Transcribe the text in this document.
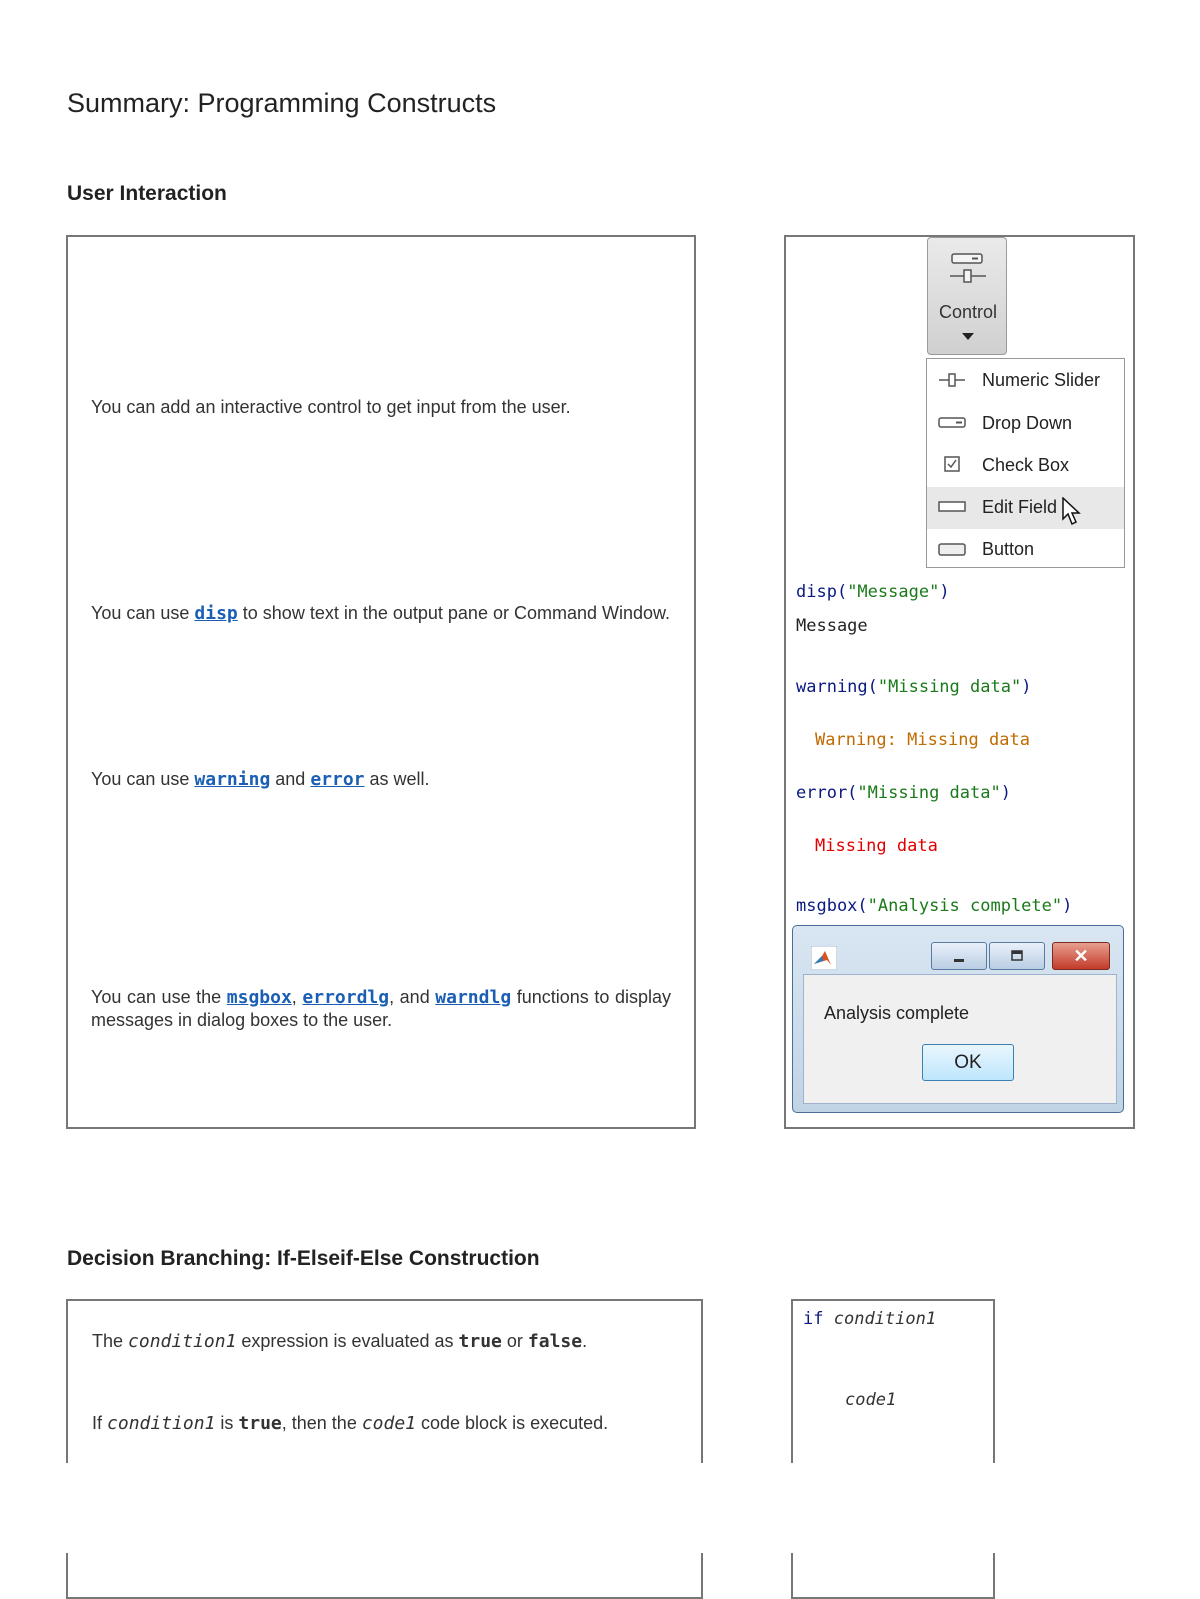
Summary: Programming Constructs
User Interaction
You can add an interactive control to get input from the user.
You can use disp to show text in the output pane or Command Window.
You can use warning and error as well.
You can use the msgbox, errordlg, and warndlg functions to display messages in dialog boxes to the user.
Control
Numeric Slider
Drop Down
Check Box
Edit Field
Button
disp("Message")
Message
warning("Missing data")
Warning: Missing data
error("Missing data")
Missing data
msgbox("Analysis complete")
✕
Analysis complete
OK
Decision Branching: If-Elseif-Else Construction
The condition1 expression is evaluated as true or false.
If condition1 is true, then the code1 code block is executed.
if condition1
code1
